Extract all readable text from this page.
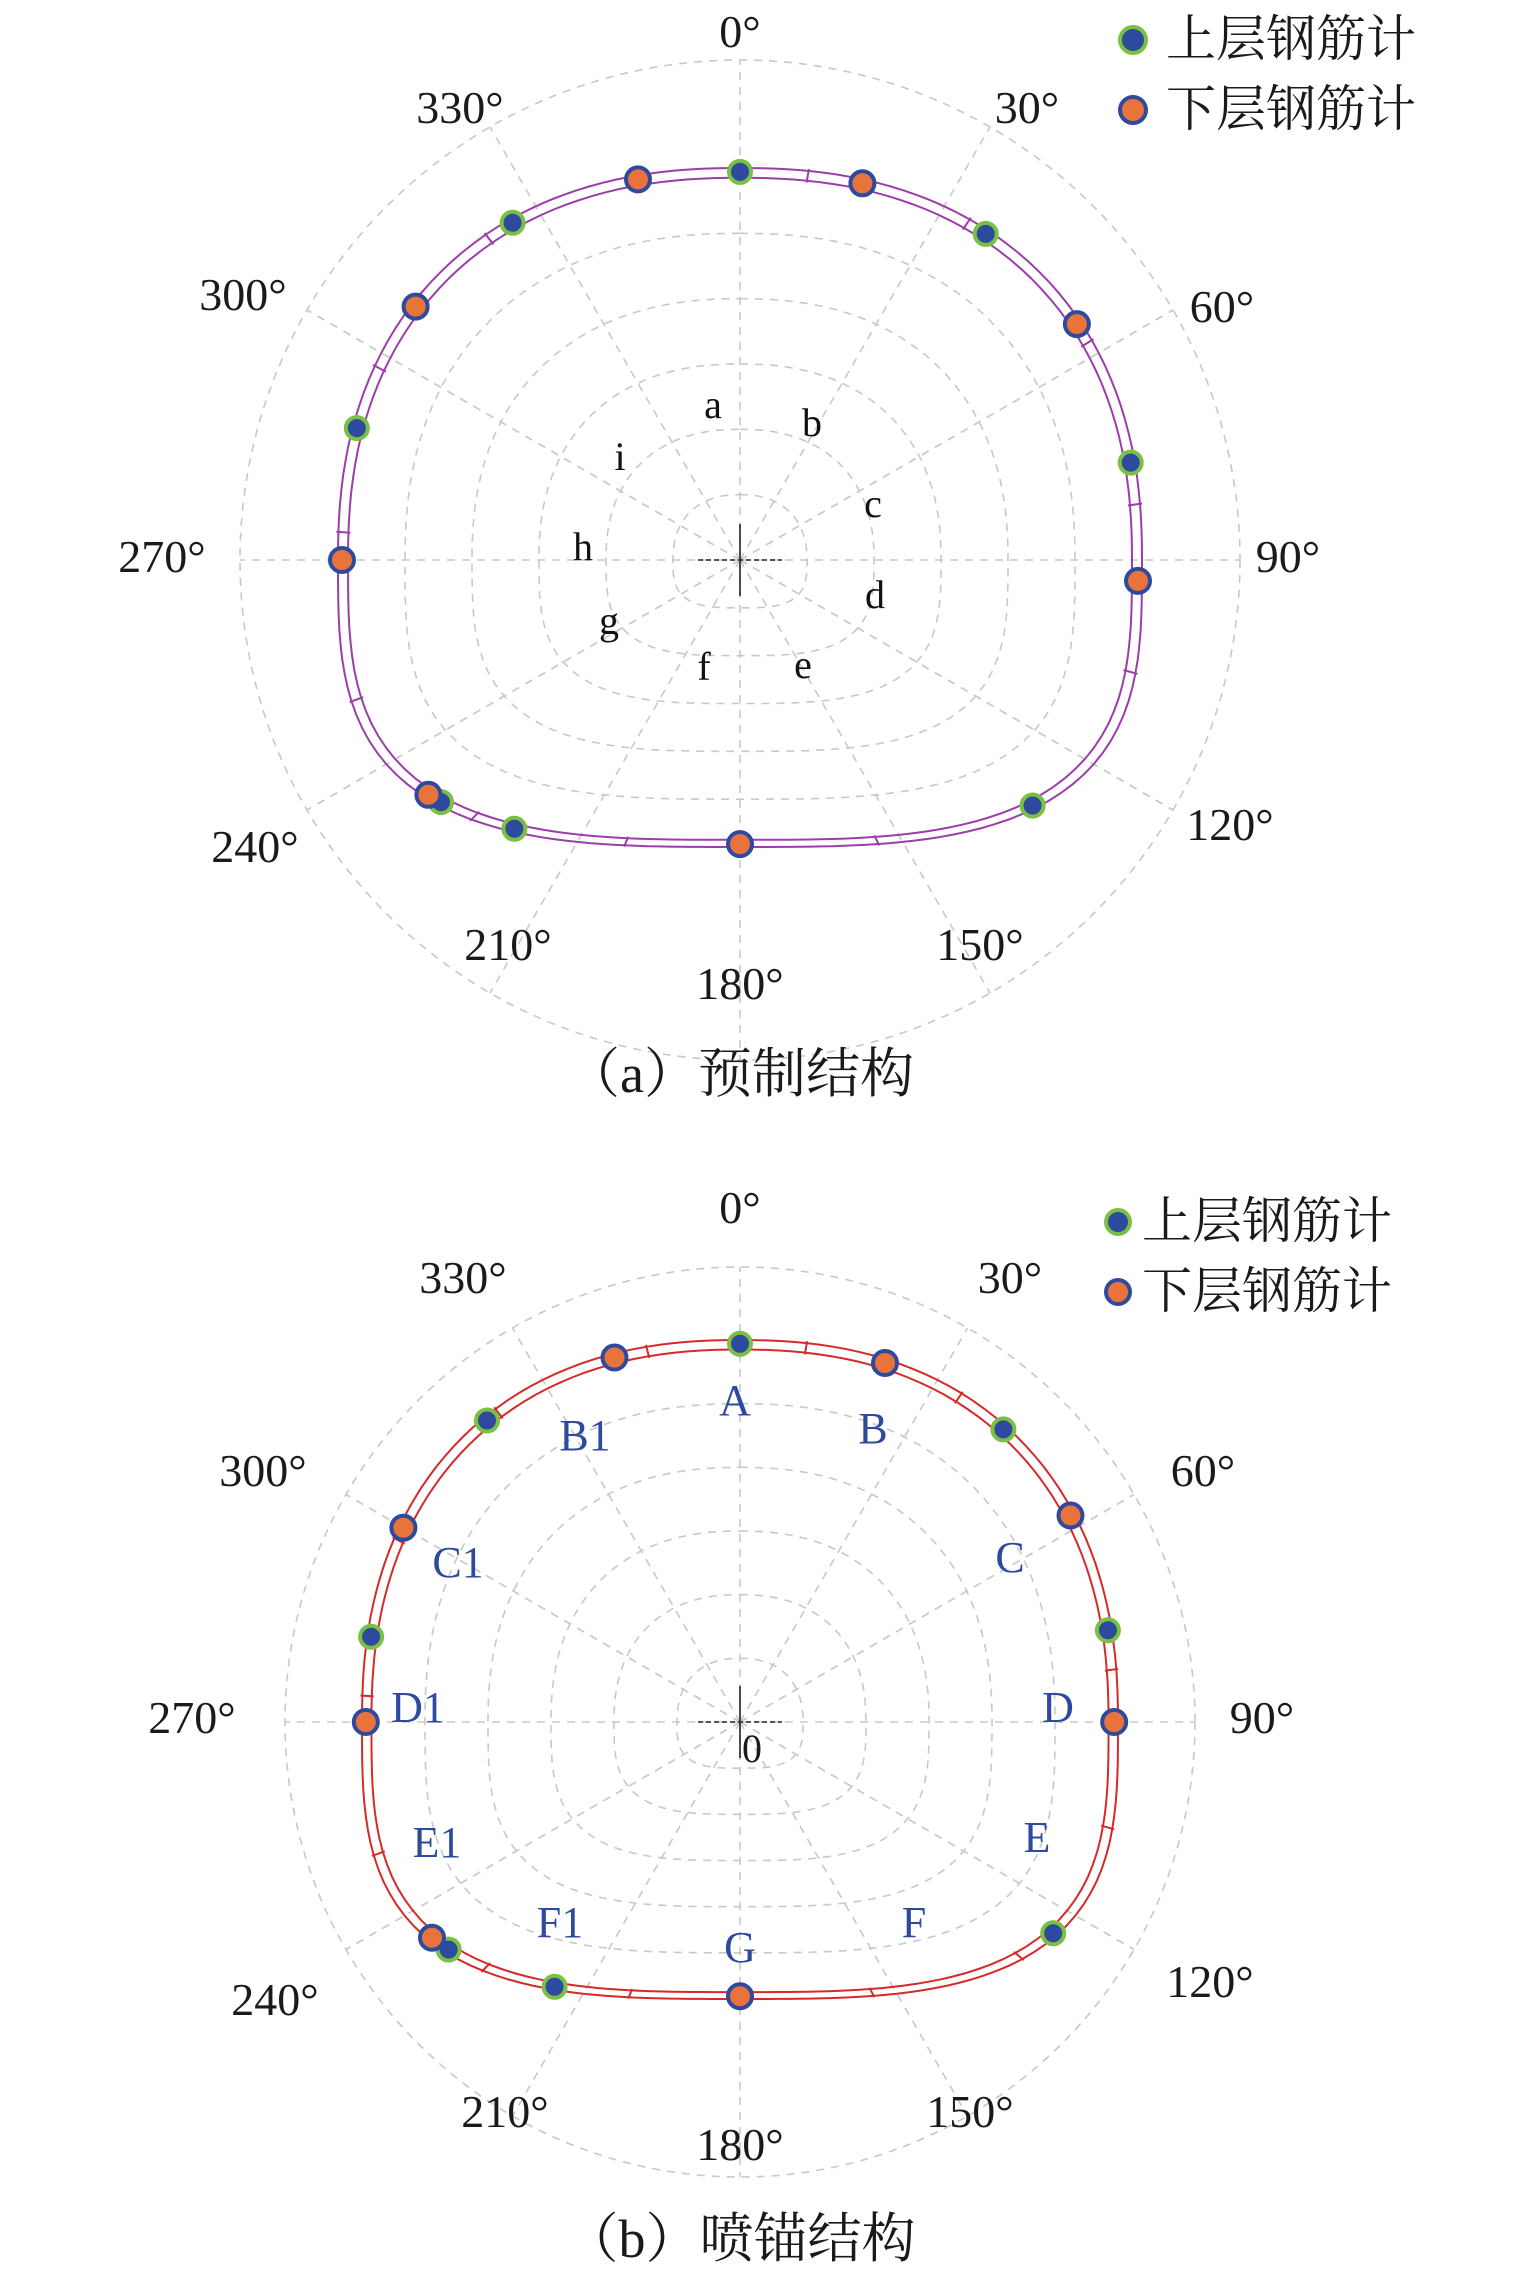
0°
30°
60°
90°
120°
150°
180°
210°
240°
270°
300°
330°
a b
c
d
e
f
g
h
i
上层钢筋计
下层钢筋计
（a）预制结构
0°
30°
60°
90°
120°
150°
180°
210°
240°
270°
300°
330°
A
B
C
D
E
F
G
F1
E1
D1
C1
B1
0
上层钢筋计
下层钢筋计
（b）喷锚结构
